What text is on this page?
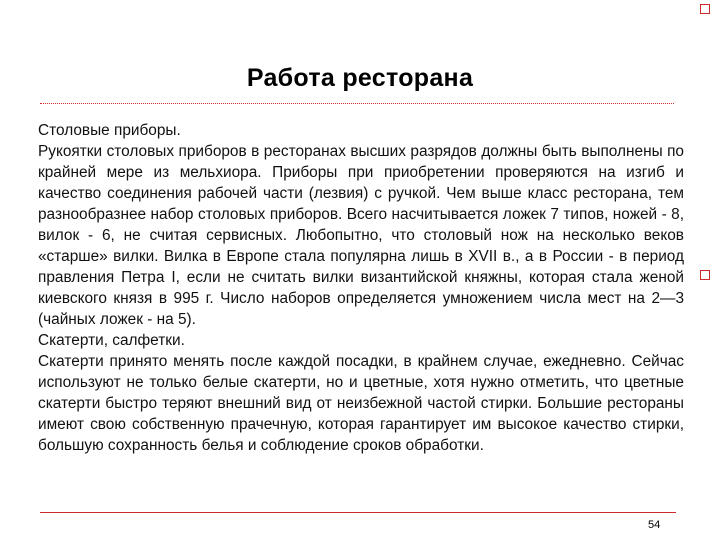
Работа ресторана

Столовые приборы.

Рукоятки столовых приборов в ресторанах высших разрядов должны быть выполнены по крайней мере из мельхиора. Приборы при приобретении проверяются на изгиб и качество соединения рабочей части (лезвия) с ручкой. Чем выше класс ресторана, тем разнообразнее набор столовых приборов. Всего насчитывается ложек 7 типов, ножей - 8, вилок - 6, не считая сервисных. Любопытно, что столовый нож на несколько веков «старше» вилки. Вилка в Европе стала популярна лишь в XVII в., а в России - в период правления Петра I, если не считать вилки византийской княжны, которая стала женой киевского князя в 995 г. Число наборов определяется умножением числа мест на 2—3 (чайных ложек - на 5).

Скатерти, салфетки.

Скатерти принято менять после каждой посадки, в крайнем случае, ежедневно. Сейчас используют не только белые скатерти, но и цветные, хотя нужно отметить, что цветные скатерти быстро теряют внешний вид от неизбежной частой стирки. Большие рестораны имеют свою собственную прачечную, которая гарантирует им высокое качество стирки, большую сохранность белья и соблюдение сроков обработки.

54
